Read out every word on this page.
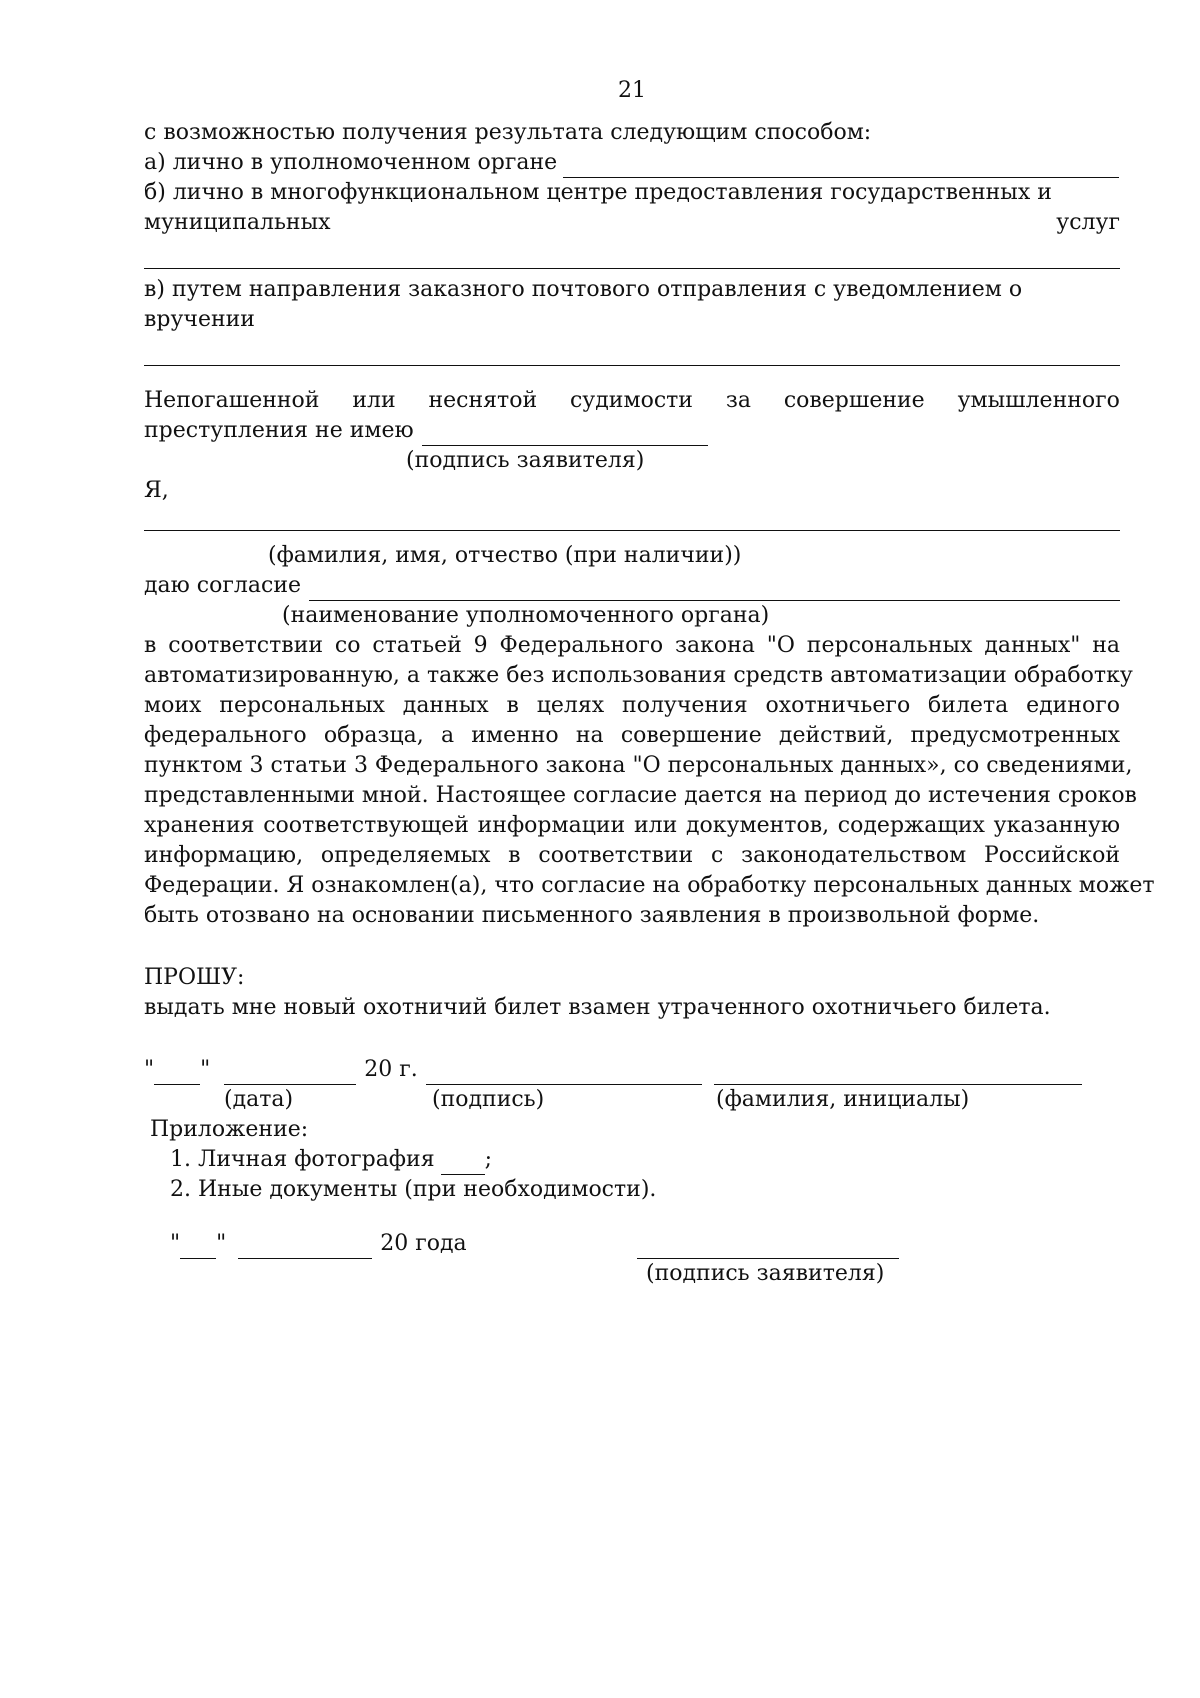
21
с возможностью получения результата следующим способом:
а) лично в уполномоченном органе
б) лично в многофункциональном центре предоставления государственных и
муниципальных	услуг
в) путем направления заказного почтового отправления с уведомлением о
вручении
Непогашенной или неснятой судимости за совершение умышленного
преступления не имею
(подпись заявителя)
Я,
(фамилия, имя, отчество (при наличии))
даю согласие
(наименование уполномоченного органа)
в соответствии со статьей 9 Федерального закона "О персональных данных" на
автоматизированную, а также без использования средств автоматизации обработку
моих персональных данных в целях получения охотничьего билета единого
федерального образца, а именно на совершение действий, предусмотренных
пунктом 3 статьи 3 Федерального закона "О персональных данных», со сведениями,
представленными мной. Настоящее согласие дается на период до истечения сроков
хранения соответствующей информации или документов, содержащих указанную
информацию, определяемых в соответствии с законодательством Российской
Федерации. Я ознакомлен(а), что согласие на обработку персональных данных может
быть отозвано на основании письменного заявления в произвольной форме.
ПРОШУ:
выдать мне новый охотничий билет взамен утраченного охотничьего билета.
" "	20 г.
(дата)	(подпись)	(фамилия, инициалы)
Приложение:
1. Личная фотография ;
2. Иные документы (при необходимости).
" "	20 года
(подпись заявителя)
